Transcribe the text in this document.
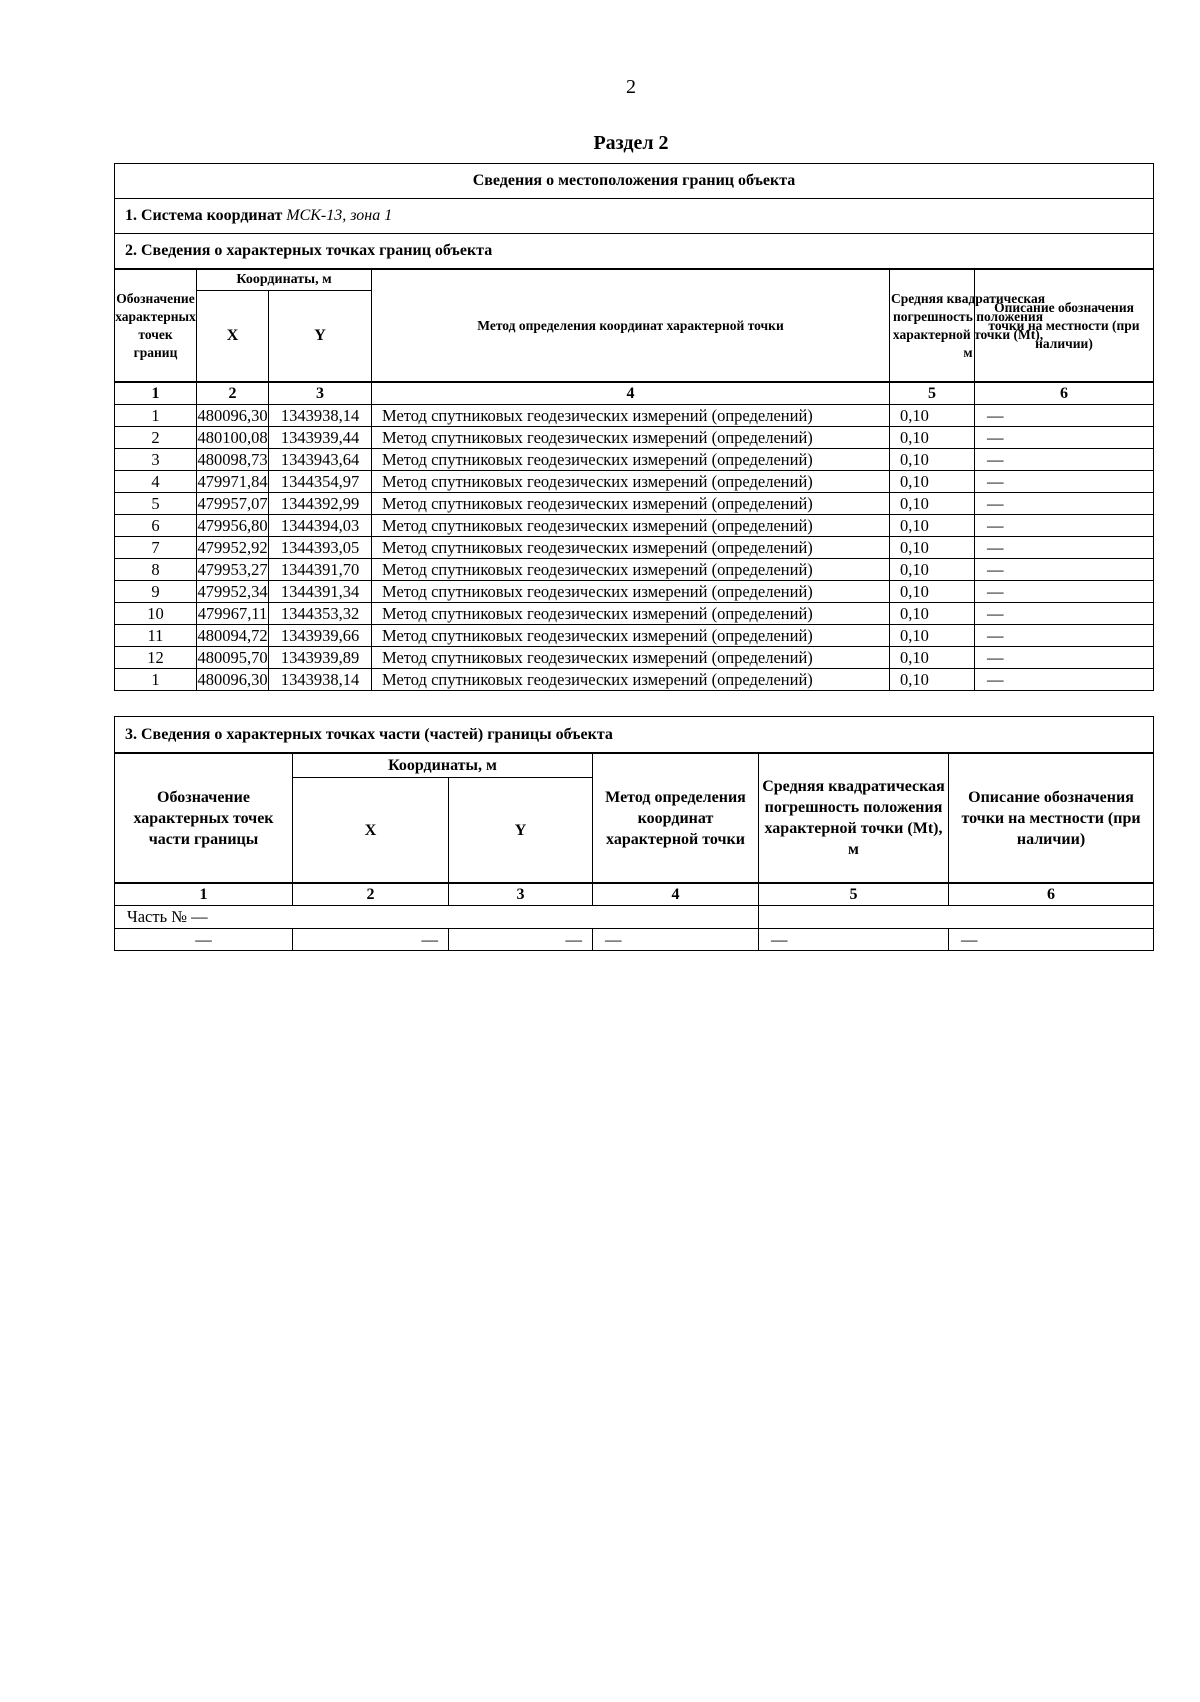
2
Раздел 2
Сведения о местоположения границ объекта					
1. Система координат МСК-13, зона 1					
2. Сведения о характерных точках границ объекта					
Обозначение характерных точек границ	Координаты, м		Метод определения координат характерной точки	Средняя квадратическая погрешность положения характерной точки (Mt), м	Описание обозначения точки на местности (при наличии)
	X	Y			
1	2	3	4	5	6
1	480096,30	1343938,14	Метод спутниковых геодезических измерений (определений)	0,10	—
2	480100,08	1343939,44	Метод спутниковых геодезических измерений (определений)	0,10	—
3	480098,73	1343943,64	Метод спутниковых геодезических измерений (определений)	0,10	—
4	479971,84	1344354,97	Метод спутниковых геодезических измерений (определений)	0,10	—
5	479957,07	1344392,99	Метод спутниковых геодезических измерений (определений)	0,10	—
6	479956,80	1344394,03	Метод спутниковых геодезических измерений (определений)	0,10	—
7	479952,92	1344393,05	Метод спутниковых геодезических измерений (определений)	0,10	—
8	479953,27	1344391,70	Метод спутниковых геодезических измерений (определений)	0,10	—
9	479952,34	1344391,34	Метод спутниковых геодезических измерений (определений)	0,10	—
10	479967,11	1344353,32	Метод спутниковых геодезических измерений (определений)	0,10	—
11	480094,72	1343939,66	Метод спутниковых геодезических измерений (определений)	0,10	—
12	480095,70	1343939,89	Метод спутниковых геодезических измерений (определений)	0,10	—
1	480096,30	1343938,14	Метод спутниковых геодезических измерений (определений)	0,10	—
3. Сведения о характерных точках части (частей) границы объекта					
Обозначение характерных точек части границы	Координаты, м		Метод определения координат характерной точки	Средняя квадратическая погрешность положения характерной точки (Mt), м	Описание обозначения точки на местности (при наличии)
	X	Y			
1	2	3	4	5	6
Часть № —					
—	—	—	—	—	—
